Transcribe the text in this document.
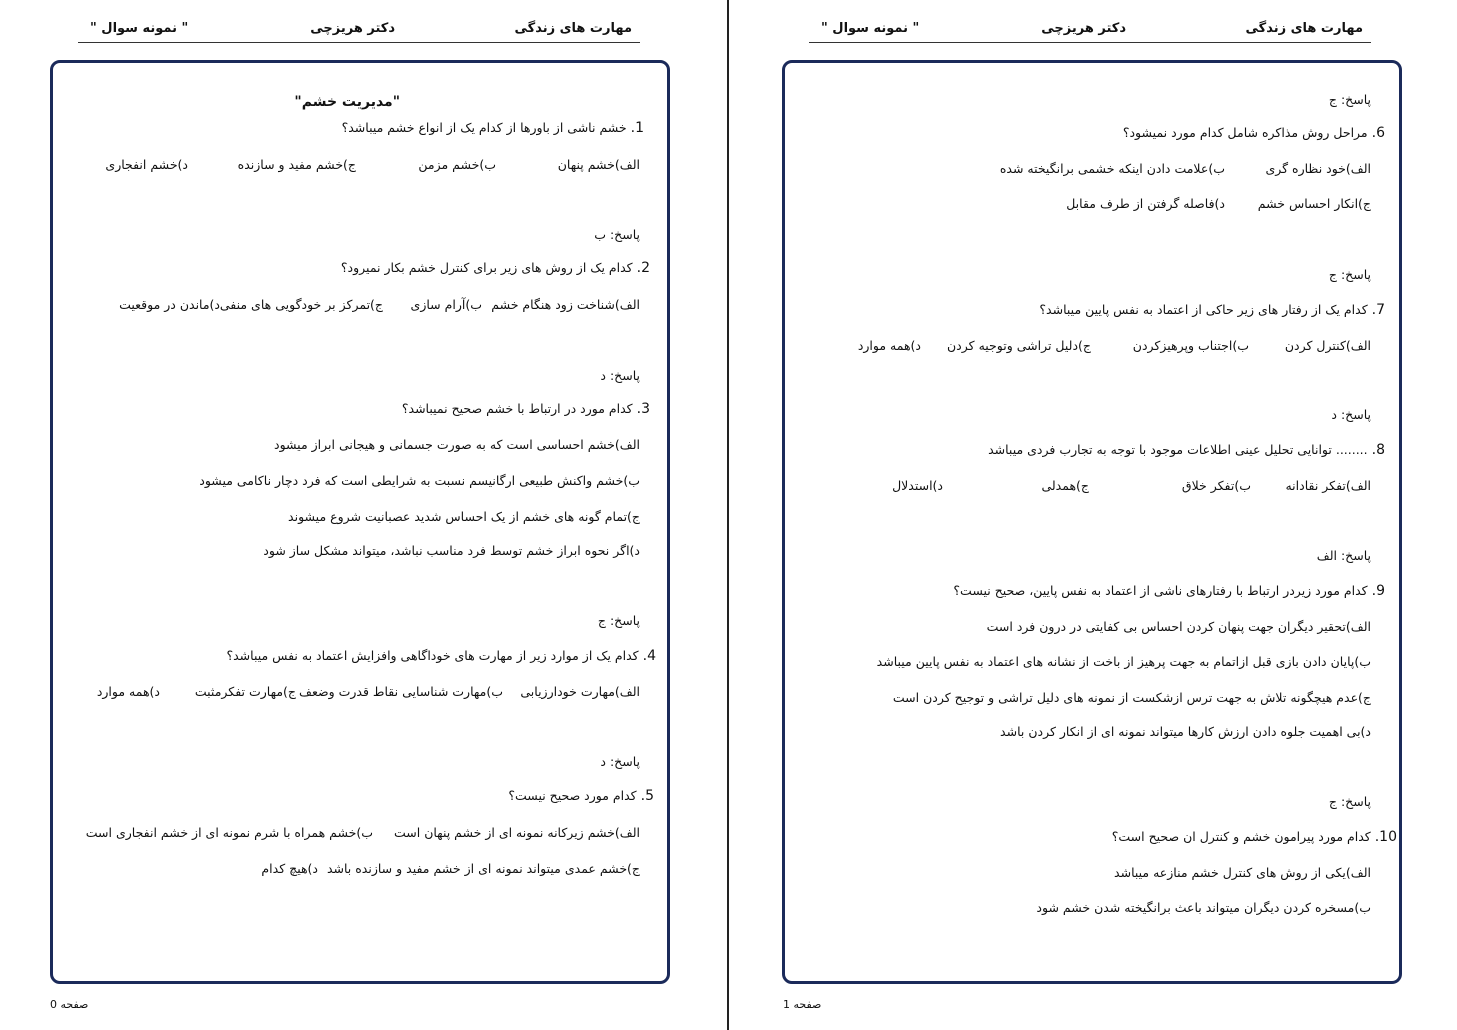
مهارت های زندگی
دکتر هریزچی
" نمونه سوال "
"مدیریت خشم"
1. خشم ناشی از باورها از کدام یک از انواع خشم میباشد؟
الف)خشم پنهان
ب)خشم مزمن
ج)خشم مفید و سازنده
د)خشم انفجاری
پاسخ: ب
2. کدام یک از روش های زیر برای کنترل خشم بکار نمیرود؟
الف)شناخت زود هنگام خشم
ب)آرام سازی
ج)تمرکز بر خودگویی های منفی
د)ماندن در موقعیت
پاسخ: د
3. کدام مورد در ارتباط با خشم صحیح نمیباشد؟
الف)خشم احساسی است که به صورت جسمانی و هیجانی ابراز میشود
ب)خشم واکنش طبیعی ارگانیسم نسبت به شرایطی است که فرد دچار ناکامی میشود
ج)تمام گونه های خشم از یک احساس شدید عصبانیت شروع میشوند
د)اگر نحوه ابراز خشم توسط فرد مناسب نباشد، میتواند مشکل ساز شود
پاسخ: ج
4. کدام یک از موارد زیر از مهارت های خوداگاهی وافزایش اعتماد به نفس میباشد؟
الف)مهارت خودارزیابی
ب)مهارت شناسایی نقاط قدرت وضعف
ج)مهارت تفکرمثبت
د)همه موارد
پاسخ: د
5. کدام مورد صحیح نیست؟
الف)خشم زیرکانه نمونه ای از خشم پنهان است
ب)خشم همراه با شرم نمونه ای از خشم انفجاری است
ج)خشم عمدی میتواند نمونه ای از خشم مفید و سازنده باشد
د)هیچ کدام
صفحه 0
مهارت های زندگی
دکتر هریزچی
" نمونه سوال "
پاسخ: ج
6. مراحل روش مذاکره شامل کدام مورد نمیشود؟
الف)خود نظاره گری
ب)علامت دادن اینکه خشمی برانگیخته شده
ج)انکار احساس خشم
د)فاصله گرفتن از طرف مقابل
پاسخ: ج
7. کدام یک از رفتار های زیر حاکی از اعتماد به نفس پایین میباشد؟
الف)کنترل کردن
ب)اجتناب وپرهیزکردن
ج)دلیل تراشی وتوجیه کردن
د)همه موارد
پاسخ: د
8. ........ توانایی تحلیل عینی اطلاعات موجود با توجه به تجارب فردی میباشد
الف)تفکر نقادانه
ب)تفکر خلاق
ج)همدلی
د)استدلال
پاسخ: الف
9. کدام مورد زیردر ارتباط با رفتارهای ناشی از اعتماد به نفس پایین، صحیح نیست؟
الف)تحقیر دیگران جهت پنهان کردن احساس بی کفایتی در درون فرد است
ب)پایان دادن بازی قبل ازاتمام به جهت پرهیز از باخت از نشانه های اعتماد به نفس پایین میباشد
ج)عدم هیچگونه تلاش به جهت ترس ازشکست از نمونه های دلیل تراشی و توجیح کردن است
د)بی اهمیت جلوه دادن ارزش کارها میتواند نمونه ای از انکار کردن باشد
پاسخ: ج
10. کدام مورد پیرامون خشم و کنترل ان صحیح است؟
الف)یکی از روش های کنترل خشم منازعه میباشد
ب)مسخره کردن دیگران میتواند باعث برانگیخته شدن خشم شود
صفحه 1
